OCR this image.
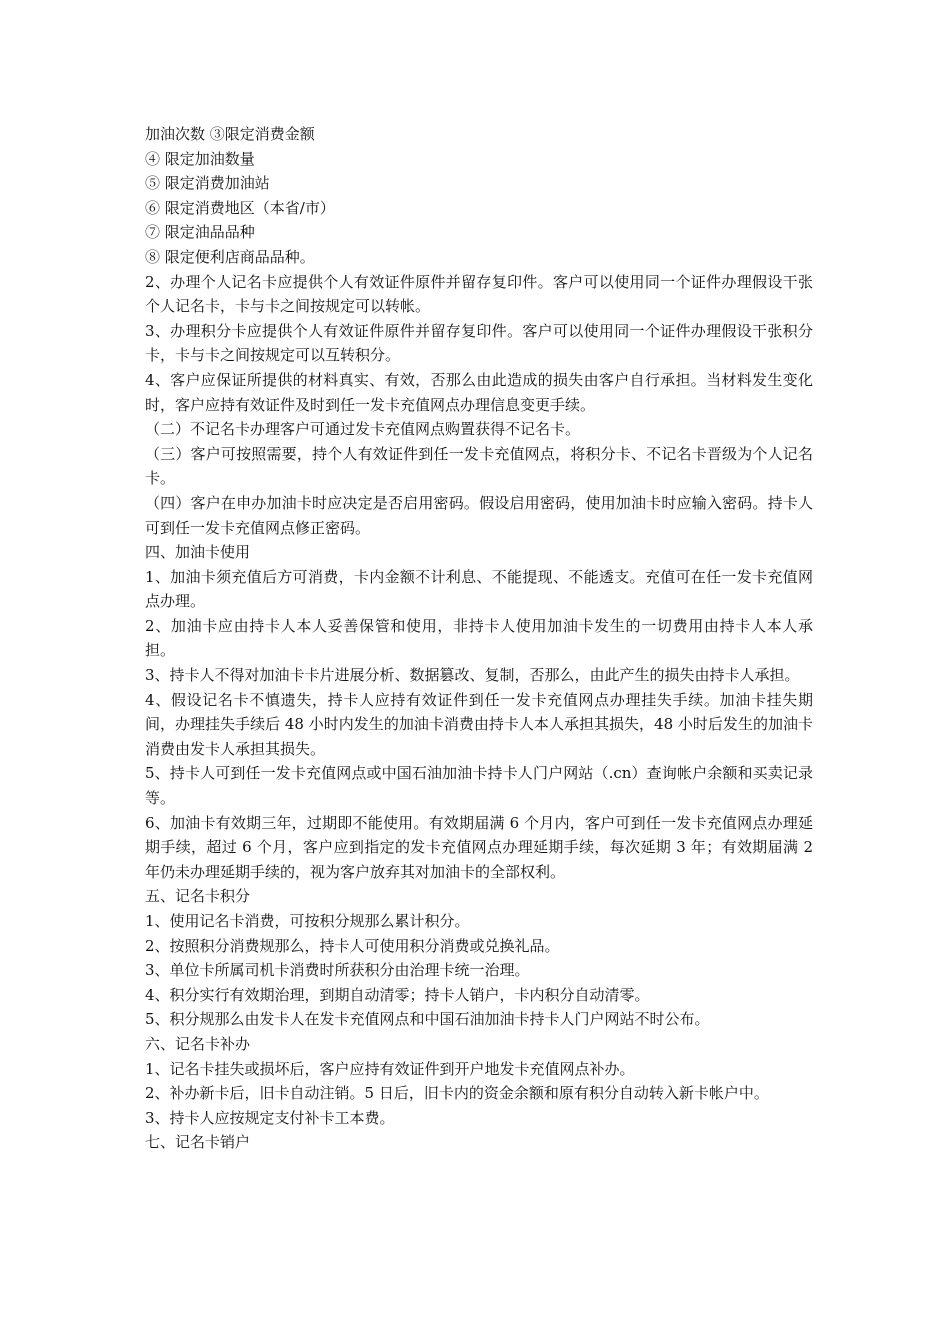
加油次数 ③限定消费金额

④ 限定加油数量

⑤ 限定消费加油站

⑥ 限定消费地区（本省/市）

⑦ 限定油品品种

⑧ 限定便利店商品品种。

2、办理个人记名卡应提供个人有效证件原件并留存复印件。客户可以使用同一个证件办理假设干张个人记名卡，卡与卡之间按规定可以转帐。

3、办理积分卡应提供个人有效证件原件并留存复印件。客户可以使用同一个证件办理假设干张积分卡，卡与卡之间按规定可以互转积分。

4、客户应保证所提供的材料真实、有效，否那么由此造成的损失由客户自行承担。当材料发生变化时，客户应持有效证件及时到任一发卡充值网点办理信息变更手续。

（二）不记名卡办理客户可通过发卡充值网点购置获得不记名卡。

（三）客户可按照需要，持个人有效证件到任一发卡充值网点，将积分卡、不记名卡晋级为个人记名卡。

（四）客户在申办加油卡时应决定是否启用密码。假设启用密码，使用加油卡时应输入密码。持卡人可到任一发卡充值网点修正密码。

四、加油卡使用

1、加油卡须充值后方可消费，卡内金额不计利息、不能提现、不能透支。充值可在任一发卡充值网点办理。

2、加油卡应由持卡人本人妥善保管和使用，非持卡人使用加油卡发生的一切费用由持卡人本人承担。

3、持卡人不得对加油卡卡片进展分析、数据篡改、复制，否那么，由此产生的损失由持卡人承担。

4、假设记名卡不慎遗失，持卡人应持有效证件到任一发卡充值网点办理挂失手续。加油卡挂失期间，办理挂失手续后 48 小时内发生的加油卡消费由持卡人本人承担其损失，48 小时后发生的加油卡消费由发卡人承担其损失。

5、持卡人可到任一发卡充值网点或中国石油加油卡持卡人门户网站（.cn）查询帐户余额和买卖记录等。

6、加油卡有效期三年，过期即不能使用。有效期届满 6 个月内，客户可到任一发卡充值网点办理延期手续，超过 6 个月，客户应到指定的发卡充值网点办理延期手续，每次延期 3 年；有效期届满 2 年仍未办理延期手续的，视为客户放弃其对加油卡的全部权利。

五、记名卡积分

1、使用记名卡消费，可按积分规那么累计积分。

2、按照积分消费规那么，持卡人可使用积分消费或兑换礼品。

3、单位卡所属司机卡消费时所获积分由治理卡统一治理。

4、积分实行有效期治理，到期自动清零；持卡人销户，卡内积分自动清零。

5、积分规那么由发卡人在发卡充值网点和中国石油加油卡持卡人门户网站不时公布。

六、记名卡补办

1、记名卡挂失或损坏后，客户应持有效证件到开户地发卡充值网点补办。

2、补办新卡后，旧卡自动注销。5 日后，旧卡内的资金余额和原有积分自动转入新卡帐户中。

3、持卡人应按规定支付补卡工本费。

七、记名卡销户
